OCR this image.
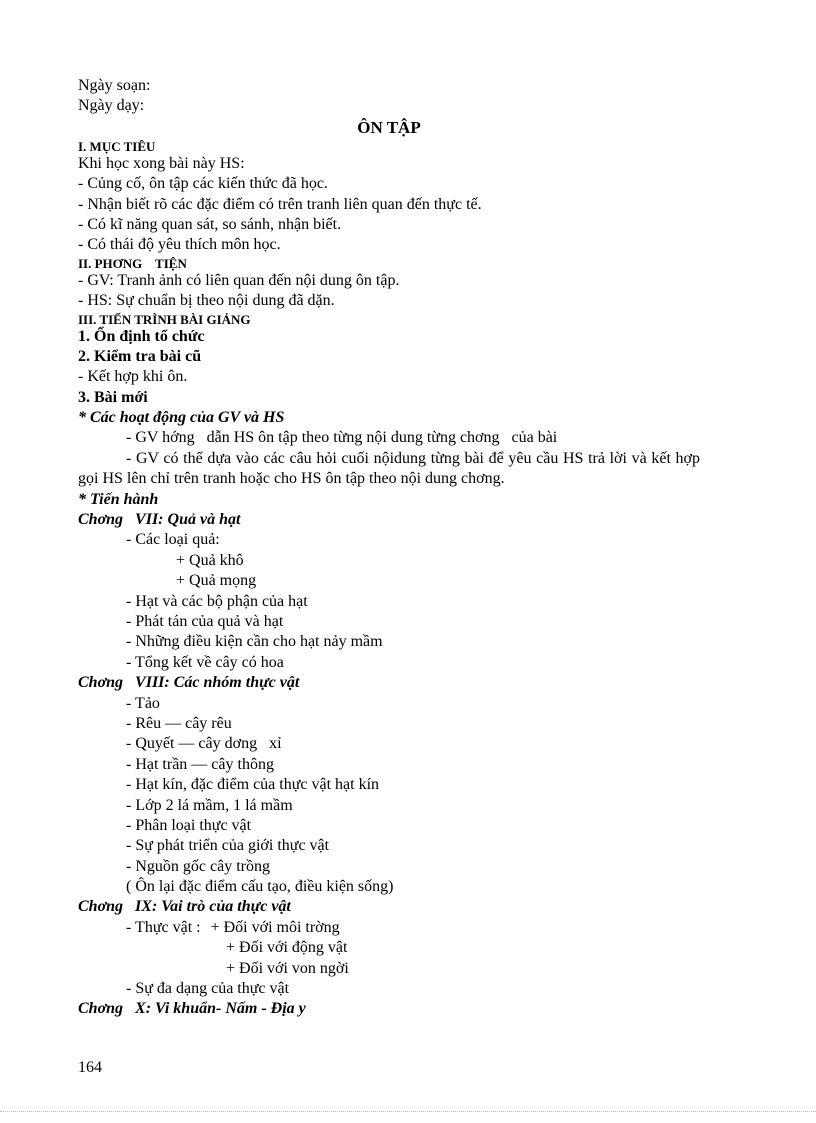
Ngày soạn:
Ngày dạy:
ÔN TẬP
I. MỤC TIÊU
Khi học xong bài này HS:
- Củng cố, ôn tập các kiến thức đã học.
- Nhận biết rõ các đặc điểm có trên tranh liên quan đến thực tế.
- Có kĩ năng quan sát, so sánh, nhận biết.
- Có thái độ yêu thích môn học.
II. PHƠNG    TIỆN
- GV: Tranh ảnh có liên quan đến nội dung ôn tập.
- HS: Sự chuẩn bị theo nội dung đã dặn.
III. TIẾN TRÌNH BÀI GIẢNG
1. Ổn định tổ chức
2. Kiểm tra bài cũ
- Kết hợp khi ôn.
3. Bài mới
* Các hoạt động của GV và HS
- GV hớng   dẫn HS ôn tập theo từng nội dung từng chơng   của bài
- GV có thể dựa vào các câu hỏi cuối nộidung từng bài để yêu cầu HS trả lời và kết hợp gọi HS lên chỉ trên tranh hoặc cho HS ôn tập theo nội dung chơng.
* Tiến hành
Chơng   VII: Quả và hạt
- Các loại quả:
+ Quả khô
+ Quả mọng
- Hạt và các bộ phận của hạt
- Phát tán của quả và hạt
- Những điều kiện cần cho hạt nảy mầm
- Tổng kết về cây có hoa
Chơng   VIII: Các nhóm thực vật
- Tảo
- Rêu — cây rêu
- Quyết — cây dơng   xỉ
- Hạt trần — cây thông
- Hạt kín, đặc điểm của thực vật hạt kín
- Lớp 2 lá mầm, 1 lá mầm
- Phân loại thực vật
- Sự phát triển của giới thực vật
- Nguồn gốc cây trồng
( Ôn lại đặc điểm cấu tạo, điều kiện sống)
Chơng   IX: Vai trò của thực vật
- Thực vật : + Đối với môi trờng
+ Đối với động vật
+ Đối với von ngời
- Sự đa dạng của thực vật
Chơng   X: Vi khuẩn- Nấm - Địa y
164
